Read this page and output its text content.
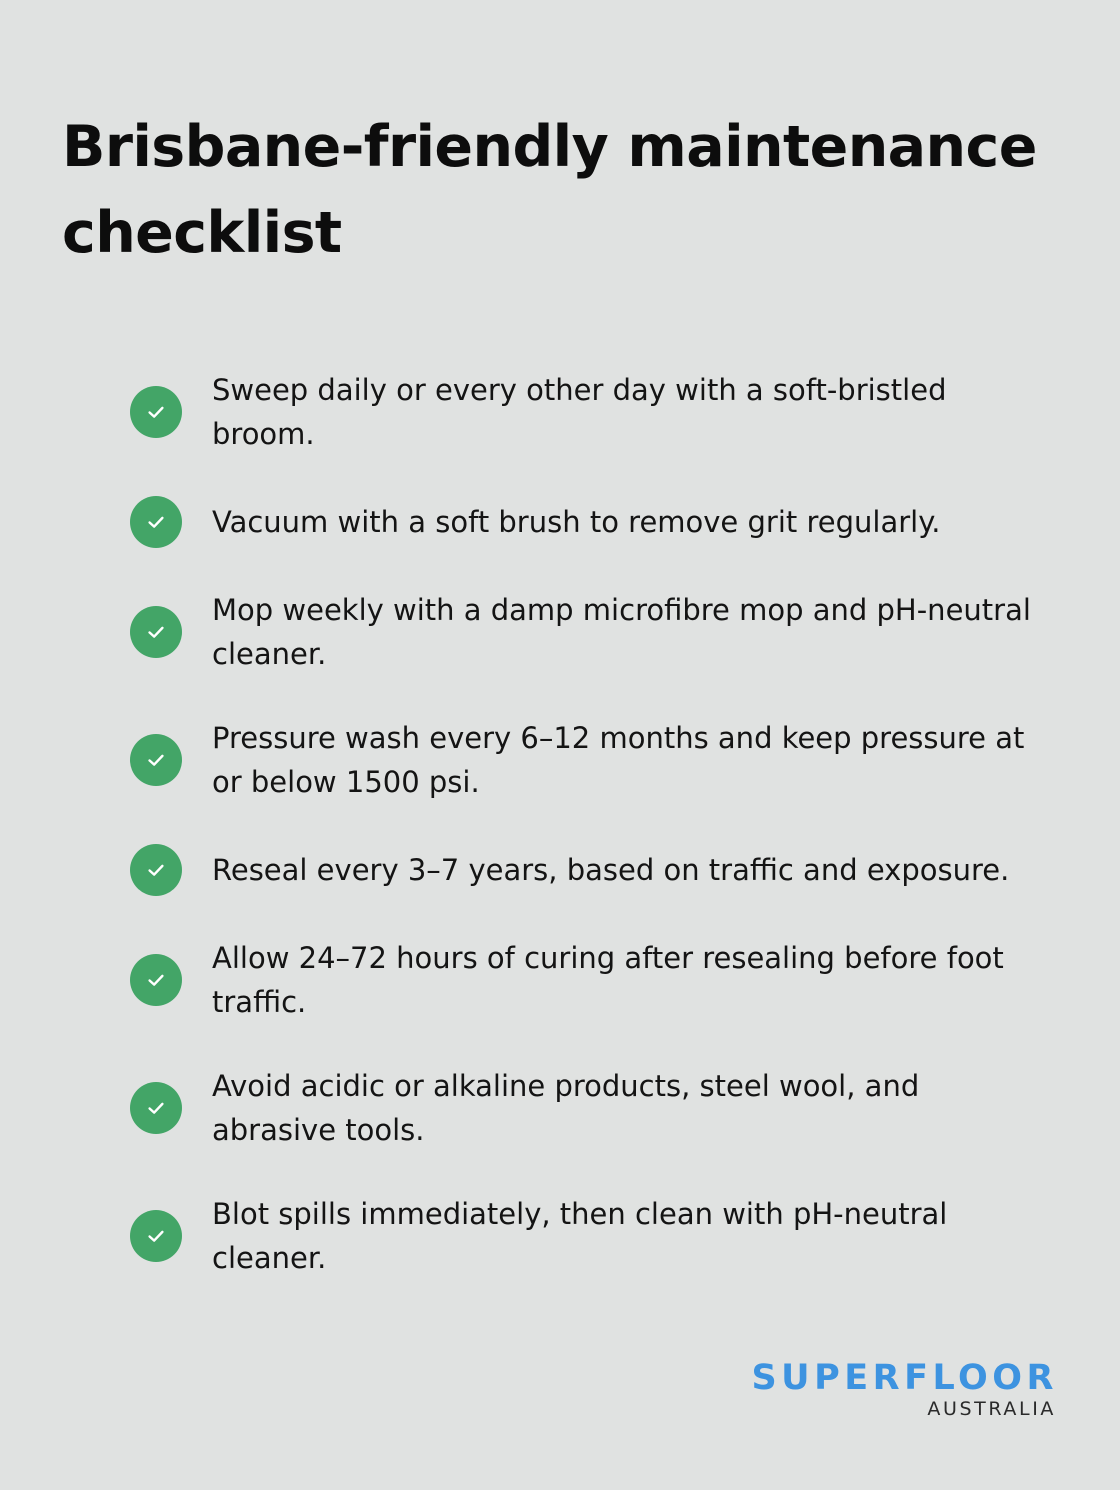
Brisbane-friendly maintenance checklist
Sweep daily or every other day with a soft-bristled broom.
Vacuum with a soft brush to remove grit regularly.
Mop weekly with a damp microfibre mop and pH-neutral cleaner.
Pressure wash every 6–12 months and keep pressure at or below 1500 psi.
Reseal every 3–7 years, based on traffic and exposure.
Allow 24–72 hours of curing after resealing before foot traffic.
Avoid acidic or alkaline products, steel wool, and abrasive tools.
Blot spills immediately, then clean with pH-neutral cleaner.
SUPERFLOOR
AUSTRALIA
